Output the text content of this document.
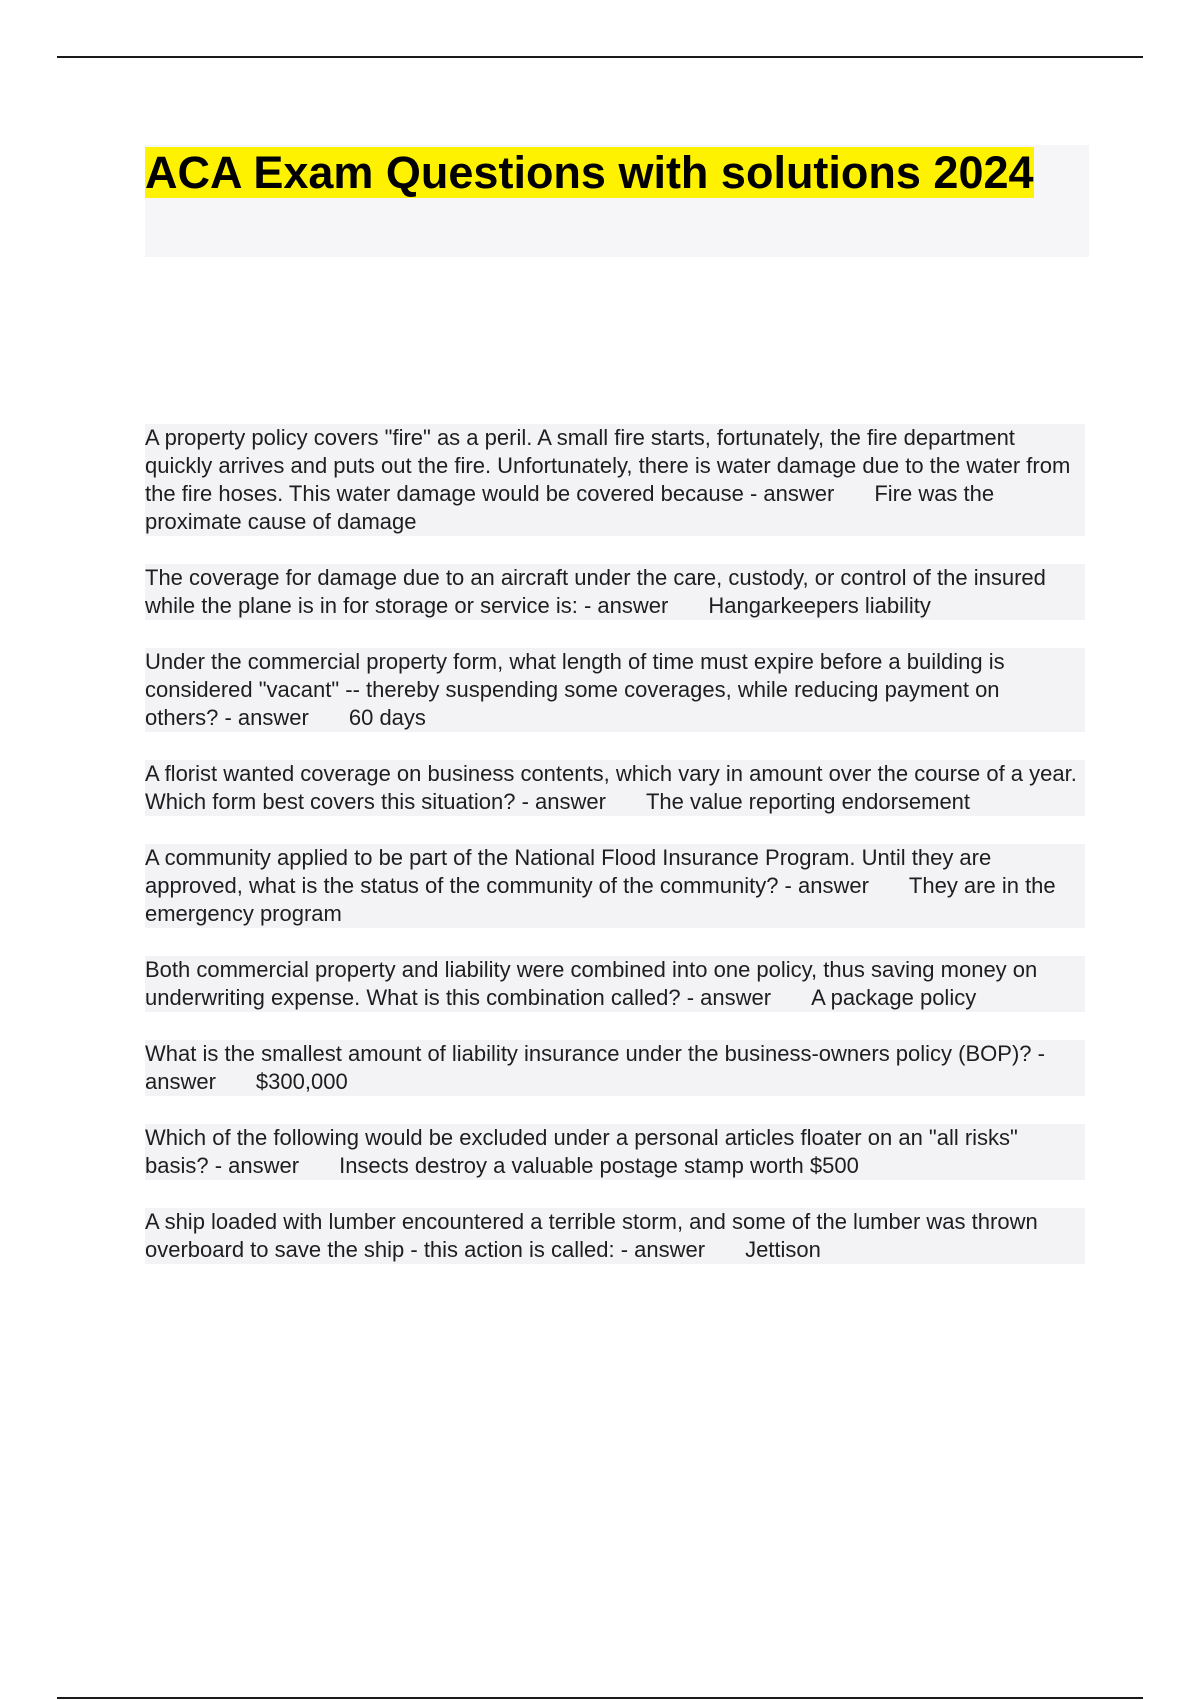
ACA Exam Questions with solutions 2024
A property policy covers "fire" as a peril. A small fire starts, fortunately, the fire department quickly arrives and puts out the fire. Unfortunately, there is water damage due to the water from the fire hoses. This water damage would be covered because - answer Fire was the proximate cause of damage
The coverage for damage due to an aircraft under the care, custody, or control of the insured while the plane is in for storage or service is: - answer Hangarkeepers liability
Under the commercial property form, what length of time must expire before a building is considered "vacant" -- thereby suspending some coverages, while reducing payment on others? - answer 60 days
A florist wanted coverage on business contents, which vary in amount over the course of a year. Which form best covers this situation? - answer The value reporting endorsement
A community applied to be part of the National Flood Insurance Program. Until they are approved, what is the status of the community of the community? - answer They are in the emergency program
Both commercial property and liability were combined into one policy, thus saving money on underwriting expense. What is this combination called? - answer A package policy
What is the smallest amount of liability insurance under the business-owners policy (BOP)? - answer $300,000
Which of the following would be excluded under a personal articles floater on an "all risks" basis? - answer Insects destroy a valuable postage stamp worth $500
A ship loaded with lumber encountered a terrible storm, and some of the lumber was thrown overboard to save the ship - this action is called: - answer Jettison
